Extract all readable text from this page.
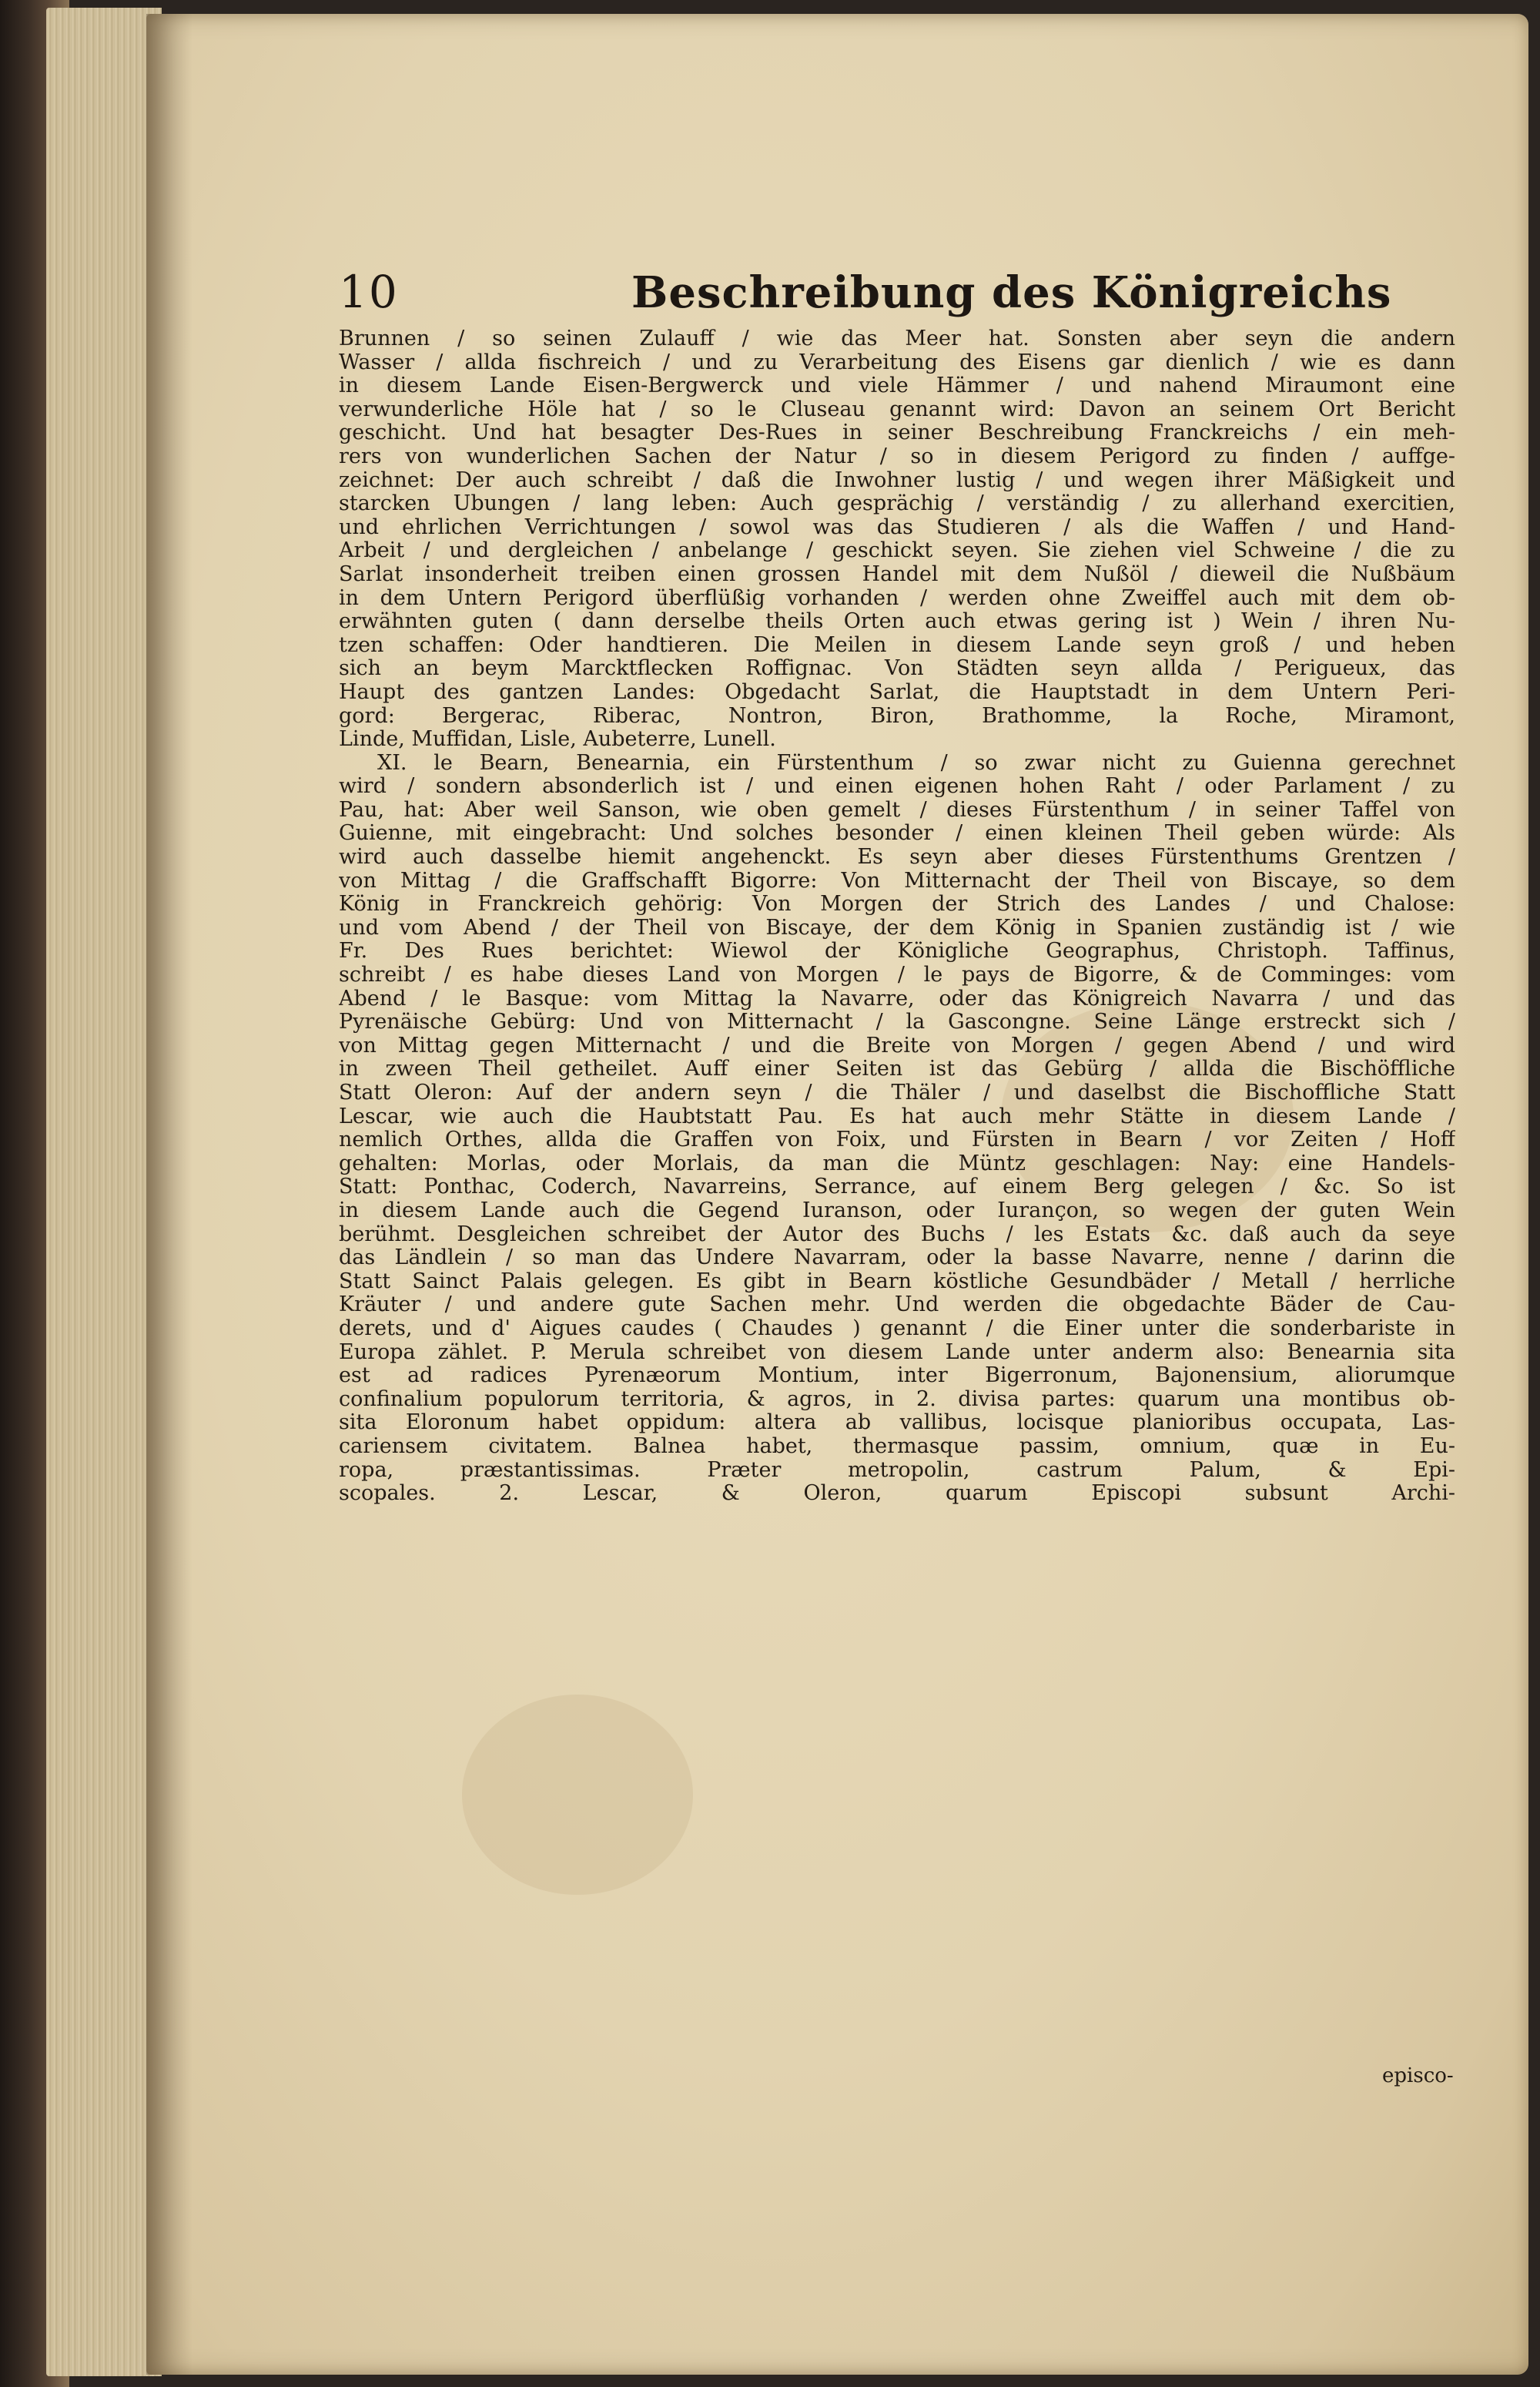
10	Beschreibung des Königreichs
Brunnen / so seinen Zulauff / wie das Meer hat. Sonsten aber seyn die andern
Wasser / allda fischreich / und zu Verarbeitung des Eisens gar dienlich / wie es dann
in diesem Lande Eisen-Bergwerck und viele Hämmer / und nahend Miraumont eine
verwunderliche Höle hat / so le Cluseau genannt wird: Davon an seinem Ort Bericht
geschicht. Und hat besagter Des-Rues in seiner Beschreibung Franckreichs / ein meh-
rers von wunderlichen Sachen der Natur / so in diesem Perigord zu finden / auffge-
zeichnet: Der auch schreibt / daß die Inwohner lustig / und wegen ihrer Mäßigkeit und
starcken Ubungen / lang leben: Auch gesprächig / verständig / zu allerhand exercitien,
und ehrlichen Verrichtungen / sowol was das Studieren / als die Waffen / und Hand-
Arbeit / und dergleichen / anbelange / geschickt seyen. Sie ziehen viel Schweine / die zu
Sarlat insonderheit treiben einen grossen Handel mit dem Nußöl / dieweil die Nußbäum
in dem Untern Perigord überflüßig vorhanden / werden ohne Zweiffel auch mit dem ob-
erwähnten guten ( dann derselbe theils Orten auch etwas gering ist ) Wein / ihren Nu-
tzen schaffen: Oder handtieren. Die Meilen in diesem Lande seyn groß / und heben
sich an beym Marcktflecken Roffignac. Von Städten seyn allda / Perigueux, das
Haupt des gantzen Landes: Obgedacht Sarlat, die Hauptstadt in dem Untern Peri-
gord: Bergerac, Riberac, Nontron, Biron, Brathomme, la Roche, Miramont,
Linde, Muffidan, Lisle, Aubeterre, Lunell.
XI. le Bearn, Benearnia, ein Fürstenthum / so zwar nicht zu Guienna gerechnet
wird / sondern absonderlich ist / und einen eigenen hohen Raht / oder Parlament / zu
Pau, hat: Aber weil Sanson, wie oben gemelt / dieses Fürstenthum / in seiner Taffel von
Guienne, mit eingebracht: Und solches besonder / einen kleinen Theil geben würde: Als
wird auch dasselbe hiemit angehenckt. Es seyn aber dieses Fürstenthums Grentzen /
von Mittag / die Graffschafft Bigorre: Von Mitternacht der Theil von Biscaye, so dem
König in Franckreich gehörig: Von Morgen der Strich des Landes / und Chalose:
und vom Abend / der Theil von Biscaye, der dem König in Spanien zuständig ist / wie
Fr. Des Rues berichtet: Wiewol der Königliche Geographus, Christoph. Taffinus,
schreibt / es habe dieses Land von Morgen / le pays de Bigorre, & de Comminges: vom
Abend / le Basque: vom Mittag la Navarre, oder das Königreich Navarra / und das
Pyrenäische Gebürg: Und von Mitternacht / la Gascongne. Seine Länge erstreckt sich /
von Mittag gegen Mitternacht / und die Breite von Morgen / gegen Abend / und wird
in zween Theil getheilet. Auff einer Seiten ist das Gebürg / allda die Bischöffliche
Statt Oleron: Auf der andern seyn / die Thäler / und daselbst die Bischoffliche Statt
Lescar, wie auch die Haubtstatt Pau. Es hat auch mehr Stätte in diesem Lande /
nemlich Orthes, allda die Graffen von Foix, und Fürsten in Bearn / vor Zeiten / Hoff
gehalten: Morlas, oder Morlais, da man die Müntz geschlagen: Nay: eine Handels-
Statt: Ponthac, Coderch, Navarreins, Serrance, auf einem Berg gelegen / &c. So ist
in diesem Lande auch die Gegend Iuranson, oder Iurançon, so wegen der guten Wein
berühmt. Desgleichen schreibet der Autor des Buchs / les Estats &c. daß auch da seye
das Ländlein / so man das Undere Navarram, oder la basse Navarre, nenne / darinn die
Statt Sainct Palais gelegen. Es gibt in Bearn köstliche Gesundbäder / Metall / herrliche
Kräuter / und andere gute Sachen mehr. Und werden die obgedachte Bäder de Cau-
derets, und d' Aigues caudes ( Chaudes ) genannt / die Einer unter die sonderbariste in
Europa zählet. P. Merula schreibet von diesem Lande unter anderm also: Benearnia sita
est ad radices Pyrenæorum Montium, inter Bigerronum, Bajonensium, aliorumque
confinalium populorum territoria, & agros, in 2. divisa partes: quarum una montibus ob-
sita Eloronum habet oppidum: altera ab vallibus, locisque planioribus occupata, Las-
cariensem civitatem. Balnea habet, thermasque passim, omnium, quæ in Eu-
ropa, præstantissimas. Præter metropolin, castrum Palum, & Epi-
scopales. 2. Lescar, & Oleron, quarum Episcopi subsunt Archi-
episco-
